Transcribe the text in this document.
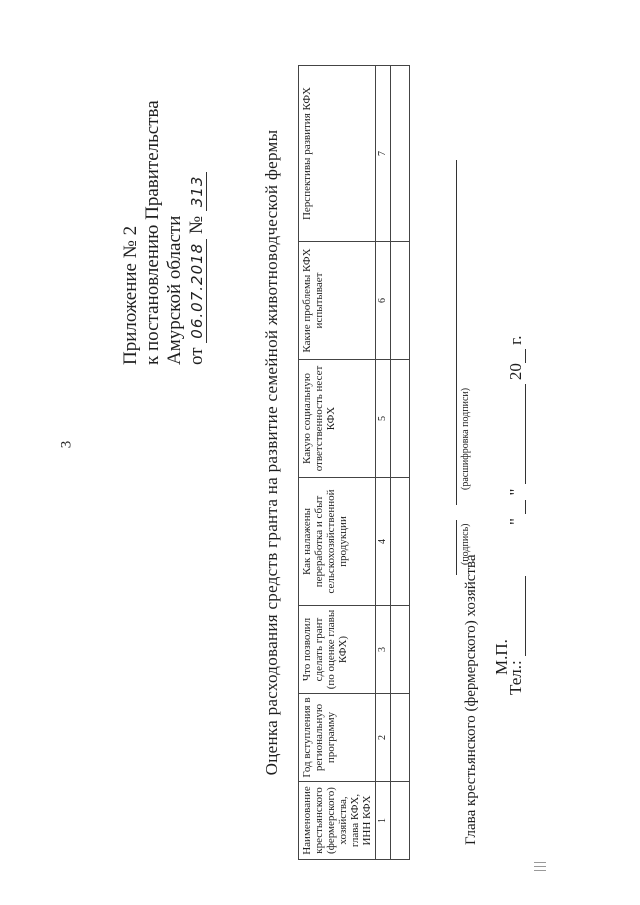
3
Приложение № 2 к постановлению Правительства Амурской области от 06.07.2018 № 313	Оценка расходования средств гранта на развитие семейной животноводческой фермы
Наименование крестьянского (фермерского) хозяйства, глава КФХ, ИНН КФХ	Год вступления в региональную программу	Что позволил сделать грант (по оценке главы КФХ)	Как налажены переработка и сбыт сельскохозяйственной продукции	Какую социальную ответственность несет КФХ	Какие проблемы КФХ испытывает	Перспективы развития КФХ
1	2	3	4	5	6	7

Глава крестьянского (фермерского) хозяйства
(подпись)
(расшифровка подписи)
М.П.
Тел.:
"  "  20 г.
